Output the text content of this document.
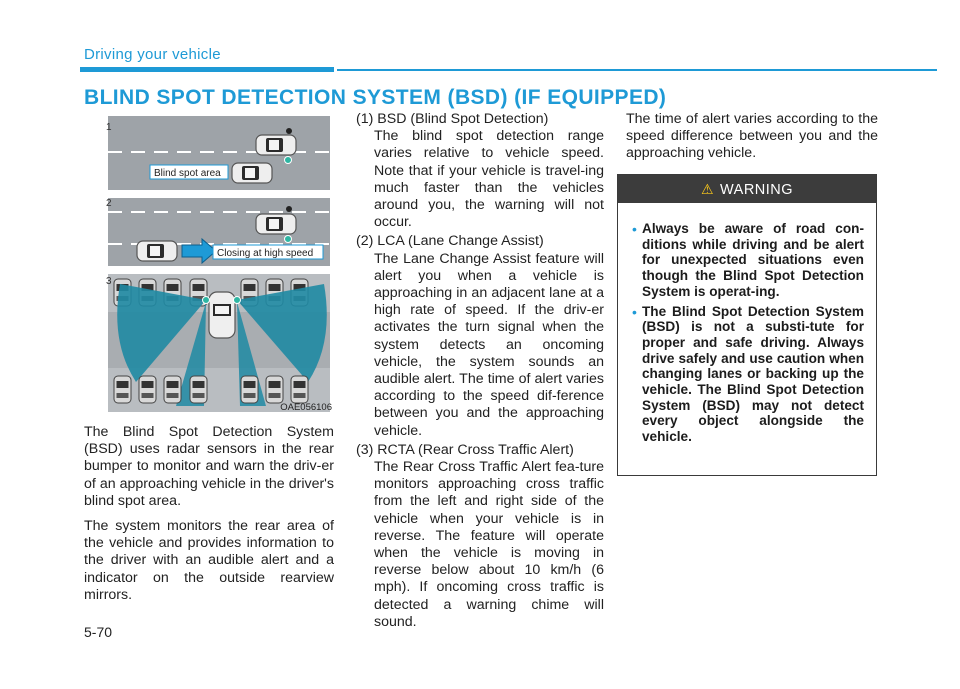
Driving your vehicle
BLIND SPOT DETECTION SYSTEM (BSD) (IF EQUIPPED)
Blind spot area
1
Closing at high speed
2
3

OAE056106

The Blind Spot Detection System (BSD) uses radar sensors in the rear bumper to monitor and warn the driv-er of an approaching vehicle in the driver's blind spot area.

The system monitors the rear area of the vehicle and provides information to the driver with an audible alert and a indicator on the outside rearview mirrors.

(1) BSD (Blind Spot Detection)

The blind spot detection range varies relative to vehicle speed. Note that if your vehicle is travel-ing much faster than the vehicles around you, the warning will not occur.

(2) LCA (Lane Change Assist)

The Lane Change Assist feature will alert you when a vehicle is approaching in an adjacent lane at a high rate of speed. If the driv-er activates the turn signal when the system detects an oncoming vehicle, the system sounds an audible alert. The time of alert varies according to the speed dif-ference between you and the approaching vehicle.

(3) RCTA (Rear Cross Traffic Alert)

The Rear Cross Traffic Alert fea-ture monitors approaching cross traffic from the left and right side of the vehicle when your vehicle is in reverse. The feature will operate when the vehicle is moving in reverse below about 10 km/h (6 mph). If oncoming cross traffic is detected a warning chime will sound.

The time of alert varies according to the speed difference between you and the approaching vehicle.

⚠ WARNING
• Always be aware of road con-ditions while driving and be alert for unexpected situations even though the Blind Spot Detection System is operat-ing.
• The Blind Spot Detection System (BSD) is not a substi-tute for proper and safe driving. Always drive safely and use caution when changing lanes or backing up the vehicle. The Blind Spot Detection System (BSD) may not detect every object alongside the vehicle.
5-70
